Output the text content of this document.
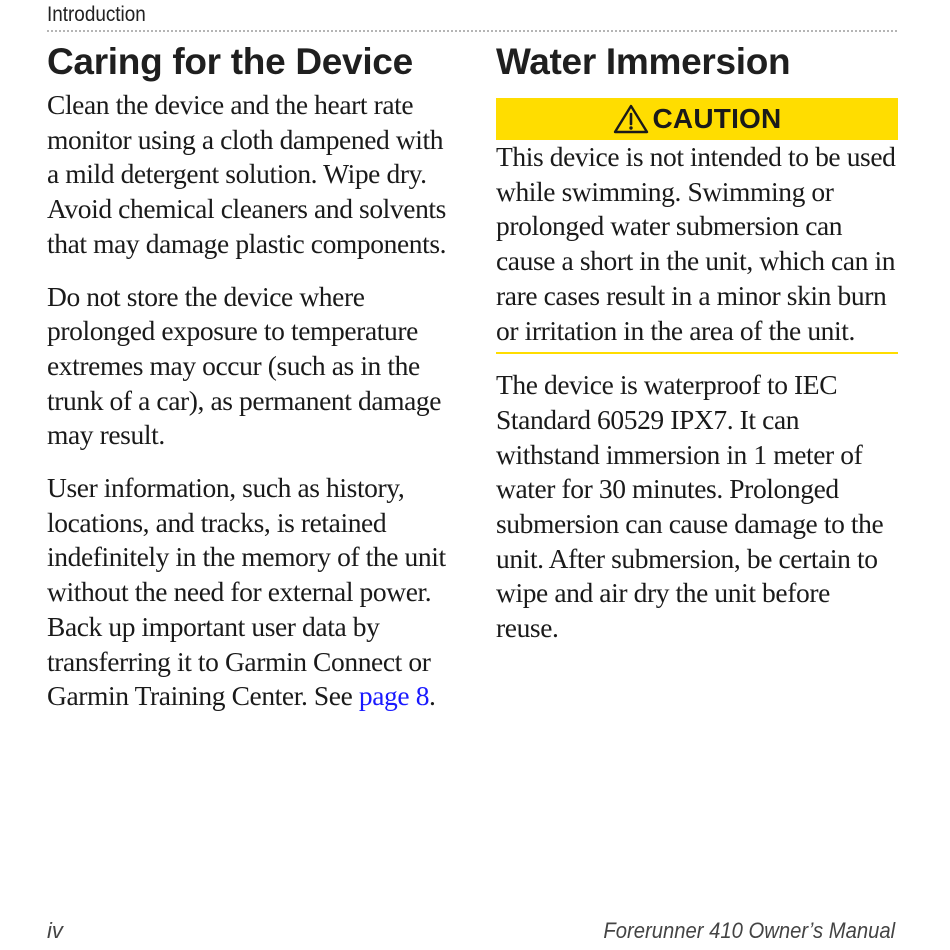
Introduction
Caring for the Device

Clean the device and the heart rate monitor using a cloth dampened with a mild detergent solution. Wipe dry. Avoid chemical cleaners and solvents that may damage plastic components.

Do not store the device where prolonged exposure to temperature extremes may occur (such as in the trunk of a car), as permanent damage may result.

User information, such as history, locations, and tracks, is retained indefinitely in the memory of the unit without the need for external power. Back up important user data by transferring it to Garmin Connect or Garmin Training Center. See page 8.

Water Immersion
CAUTION

This device is not intended to be used while swimming. Swimming or prolonged water submersion can cause a short in the unit, which can in rare cases result in a minor skin burn or irritation in the area of the unit.

The device is waterproof to IEC Standard 60529 IPX7. It can withstand immersion in 1 meter of water for 30 minutes. Prolonged submersion can cause damage to the unit. After submersion, be certain to wipe and air dry the unit before reuse.

iv	Forerunner 410 Owner’s Manual
